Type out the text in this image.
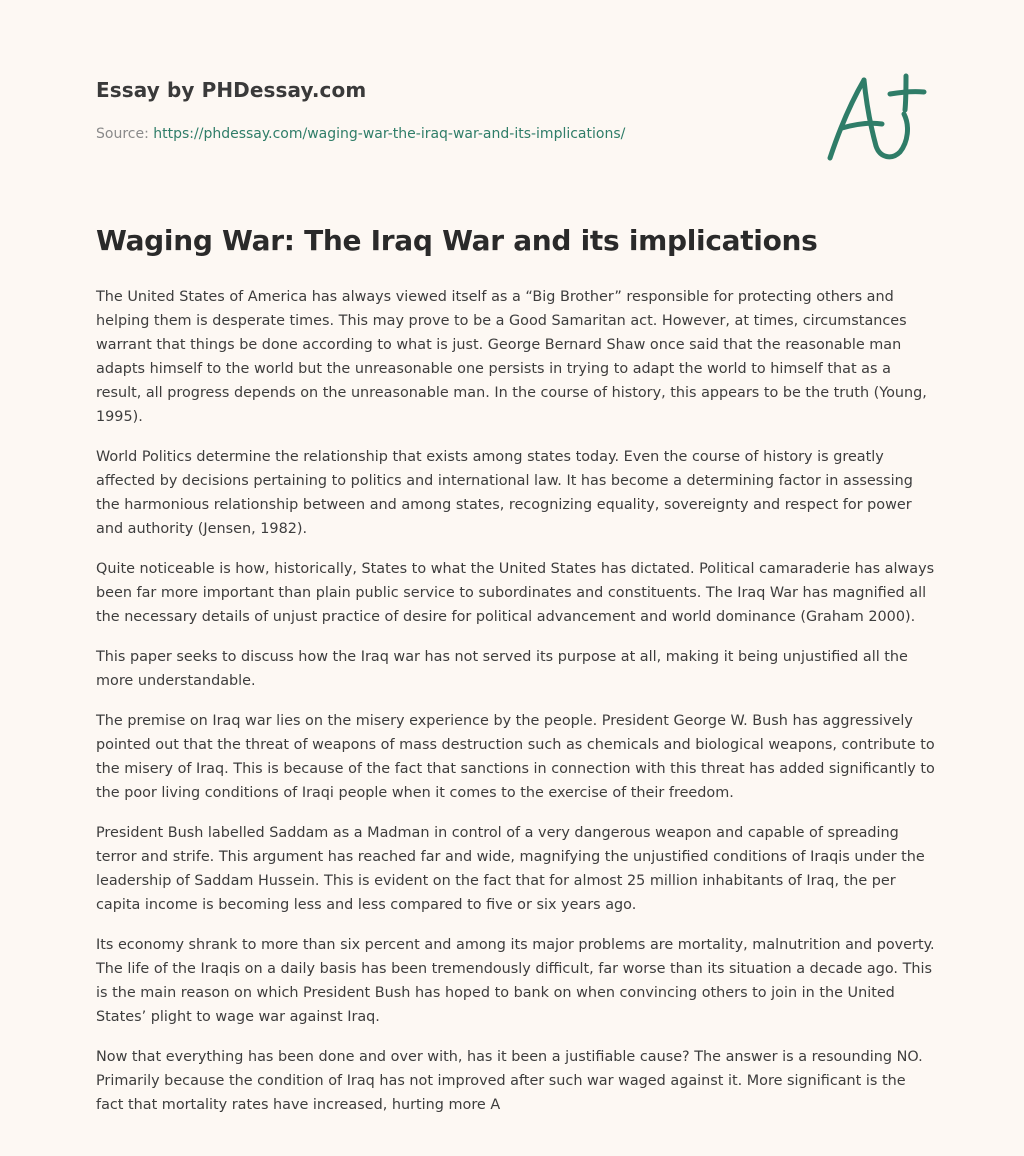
Essay by PHDessay.com
Source: https://phdessay.com/waging-war-the-iraq-war-and-its-implications/
Waging War: The Iraq War and its implications

The United States of America has always viewed itself as a “Big Brother” responsible for protecting others and helping them is desperate times. This may prove to be a Good Samaritan act. However, at times, circumstances warrant that things be done according to what is just. George Bernard Shaw once said that the reasonable man adapts himself to the world but the unreasonable one persists in trying to adapt the world to himself that as a result, all progress depends on the unreasonable man. In the course of history, this appears to be the truth (Young, 1995).

World Politics determine the relationship that exists among states today. Even the course of history is greatly affected by decisions pertaining to politics and international law. It has become a determining factor in assessing the harmonious relationship between and among states, recognizing equality, sovereignty and respect for power and authority (Jensen, 1982).

Quite noticeable is how, historically, States to what the United States has dictated. Political camaraderie has always been far more important than plain public service to subordinates and constituents. The Iraq War has magnified all the necessary details of unjust practice of desire for political advancement and world dominance (Graham 2000).

This paper seeks to discuss how the Iraq war has not served its purpose at all, making it being unjustified all the more understandable.

The premise on Iraq war lies on the misery experience by the people. President George W. Bush has aggressively pointed out that the threat of weapons of mass destruction such as chemicals and biological weapons, contribute to the misery of Iraq. This is because of the fact that sanctions in connection with this threat has added significantly to the poor living conditions of Iraqi people when it comes to the exercise of their freedom.

President Bush labelled Saddam as a Madman in control of a very dangerous weapon and capable of spreading terror and strife. This argument has reached far and wide, magnifying the unjustified conditions of Iraqis under the leadership of Saddam Hussein. This is evident on the fact that for almost 25 million inhabitants of Iraq, the per capita income is becoming less and less compared to five or six years ago.

Its economy shrank to more than six percent and among its major problems are mortality, malnutrition and poverty. The life of the Iraqis on a daily basis has been tremendously difficult, far worse than its situation a decade ago. This is the main reason on which President Bush has hoped to bank on when convincing others to join in the United States’ plight to wage war against Iraq.

Now that everything has been done and over with, has it been a justifiable cause? The answer is a resounding NO. Primarily because the condition of Iraq has not improved after such war waged against it. More significant is the fact that mortality rates have increased, hurting more A
